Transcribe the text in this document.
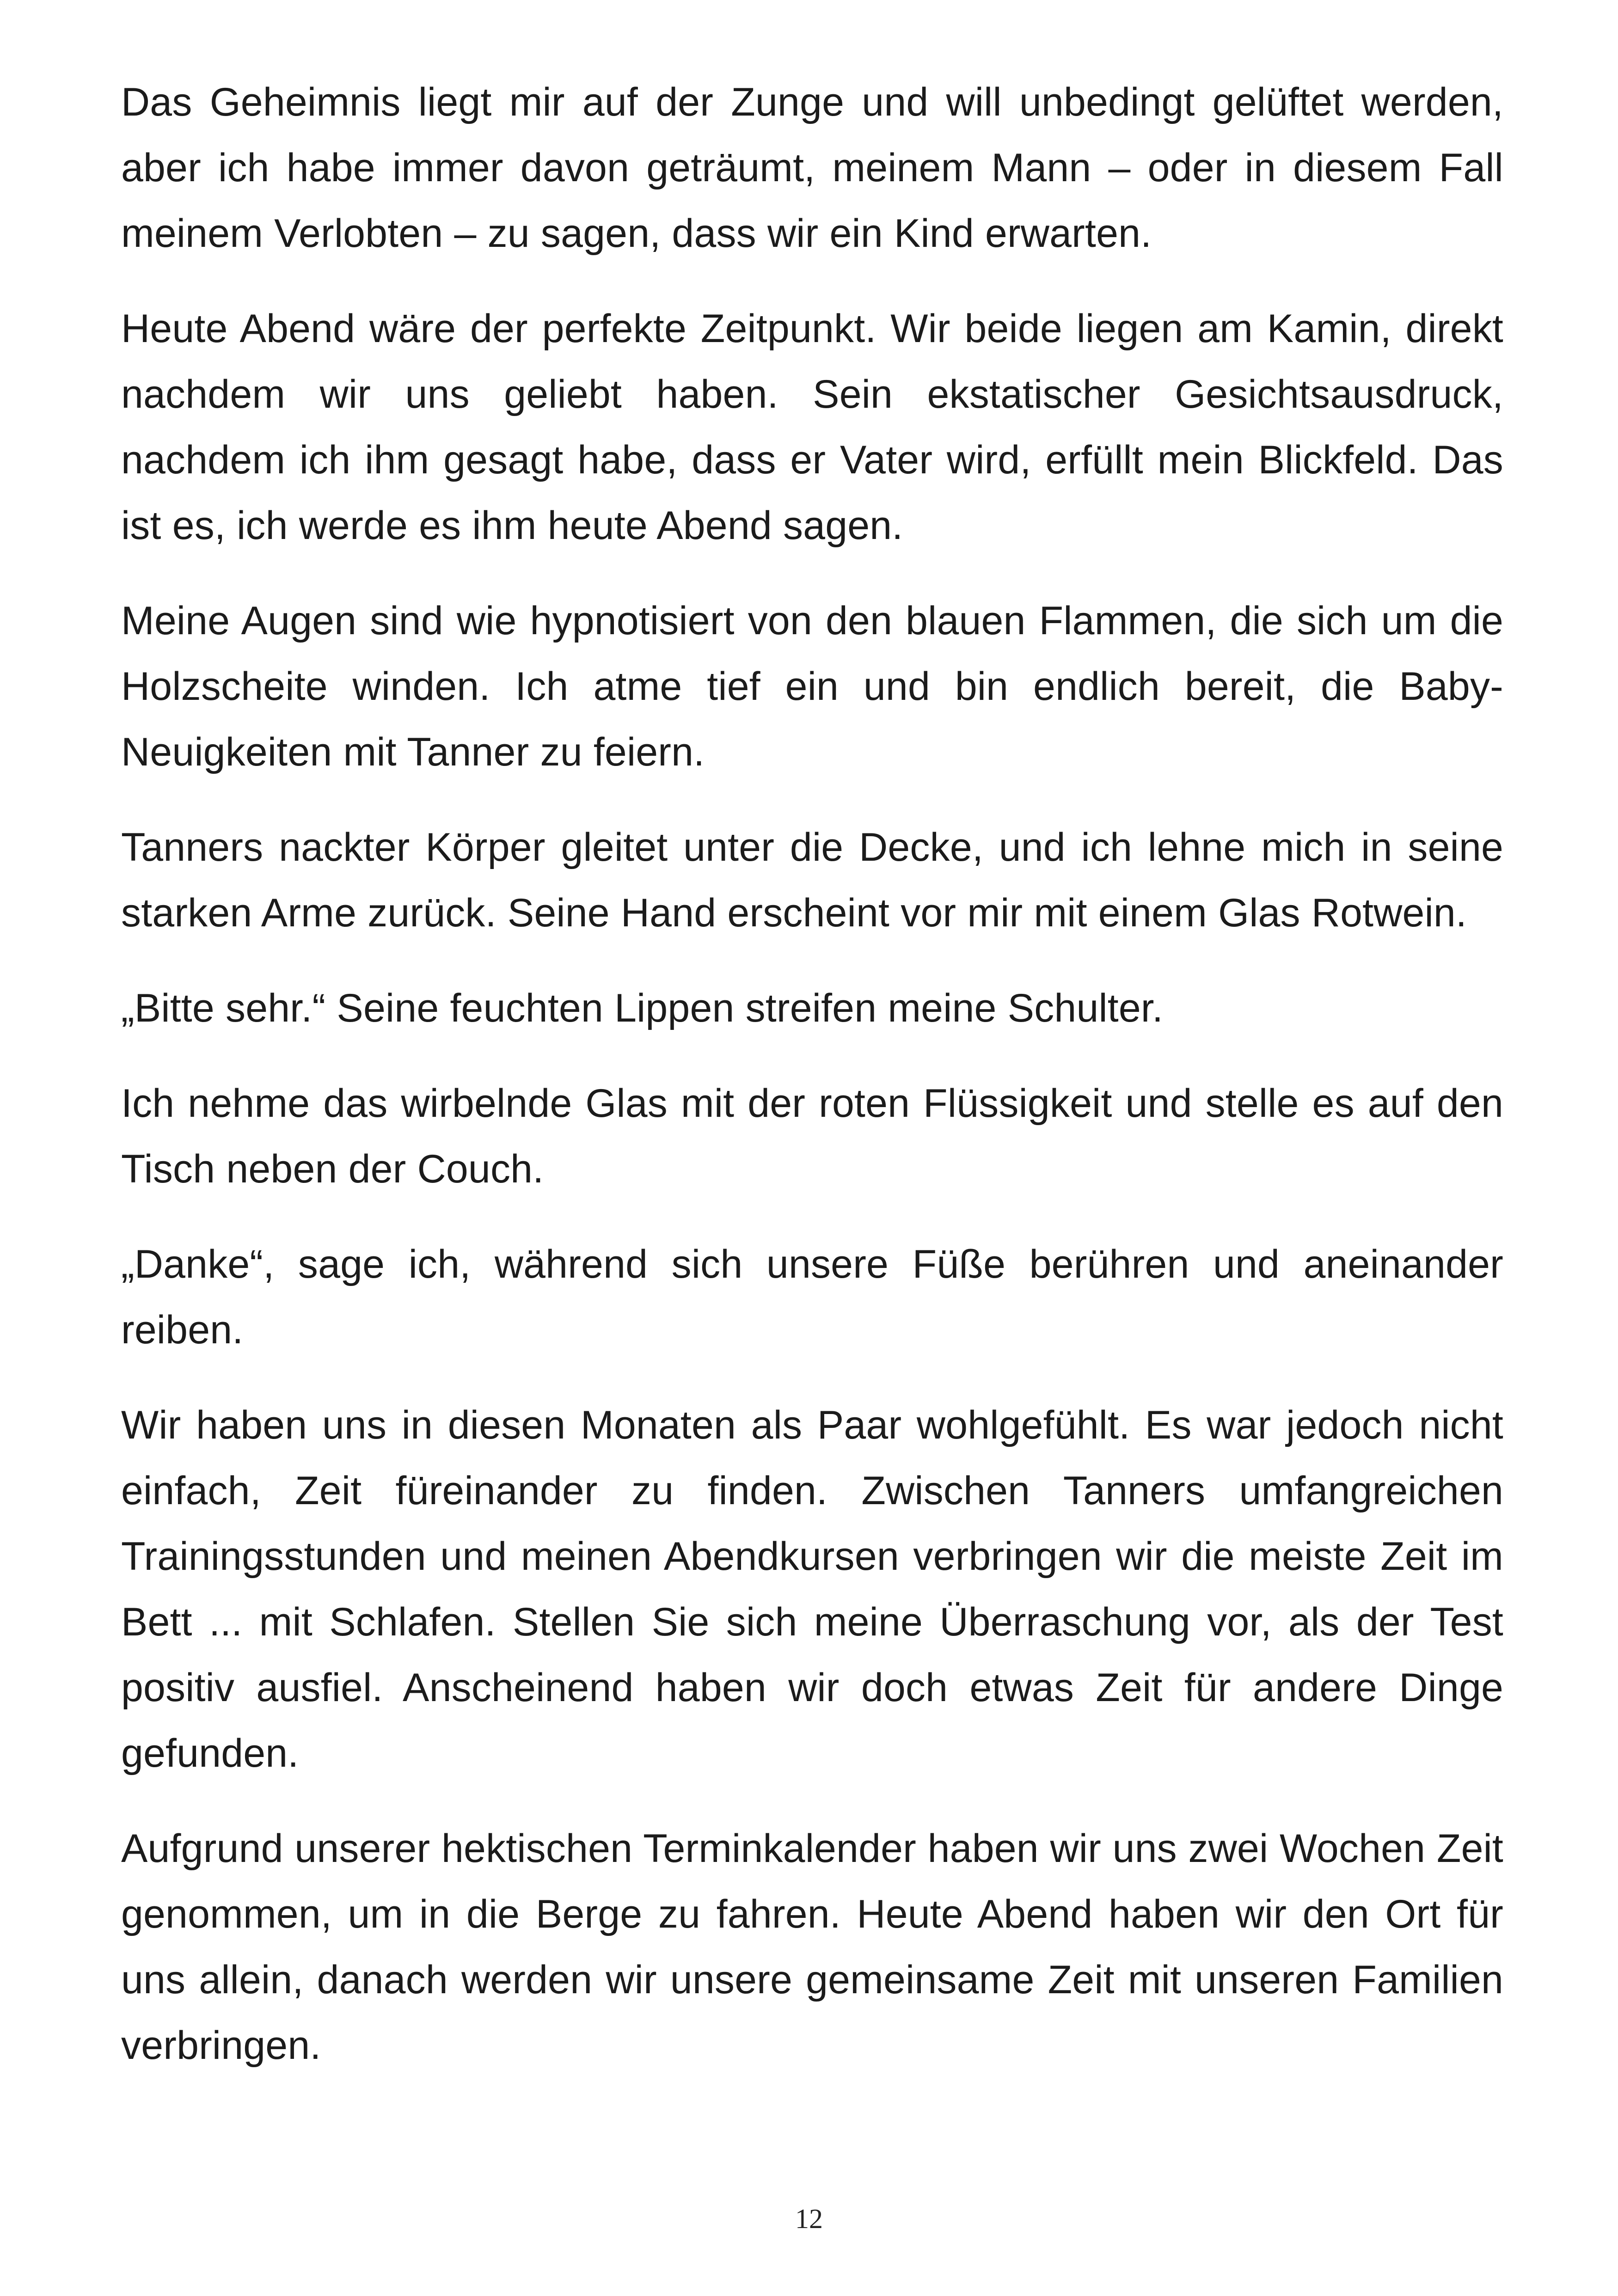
Das Geheimnis liegt mir auf der Zunge und will unbedingt gelüftet werden, aber ich habe immer davon geträumt, meinem Mann – oder in diesem Fall meinem Verlobten – zu sagen, dass wir ein Kind erwarten.

Heute Abend wäre der perfekte Zeitpunkt. Wir beide liegen am Kamin, direkt nachdem wir uns geliebt haben. Sein ekstatischer Gesichtsausdruck, nachdem ich ihm gesagt habe, dass er Vater wird, erfüllt mein Blickfeld. Das ist es, ich werde es ihm heute Abend sagen.

Meine Augen sind wie hypnotisiert von den blauen Flammen, die sich um die Holzscheite winden. Ich atme tief ein und bin endlich bereit, die Baby-Neuigkeiten mit Tanner zu feiern.

Tanners nackter Körper gleitet unter die Decke, und ich lehne mich in seine starken Arme zurück. Seine Hand erscheint vor mir mit einem Glas Rotwein.

„Bitte sehr.“ Seine feuchten Lippen streifen meine Schulter.

Ich nehme das wirbelnde Glas mit der roten Flüssigkeit und stelle es auf den Tisch neben der Couch.

„Danke“, sage ich, während sich unsere Füße berühren und aneinander reiben.

Wir haben uns in diesen Monaten als Paar wohlgefühlt. Es war jedoch nicht einfach, Zeit füreinander zu finden. Zwischen Tanners umfangreichen Trainingsstunden und meinen Abendkursen verbringen wir die meiste Zeit im Bett ... mit Schlafen. Stellen Sie sich meine Überraschung vor, als der Test positiv ausfiel. Anscheinend haben wir doch etwas Zeit für andere Dinge gefunden.

Aufgrund unserer hektischen Terminkalender haben wir uns zwei Wochen Zeit genommen, um in die Berge zu fahren. Heute Abend haben wir den Ort für uns allein, danach werden wir unsere gemeinsame Zeit mit unseren Familien verbringen.

12
